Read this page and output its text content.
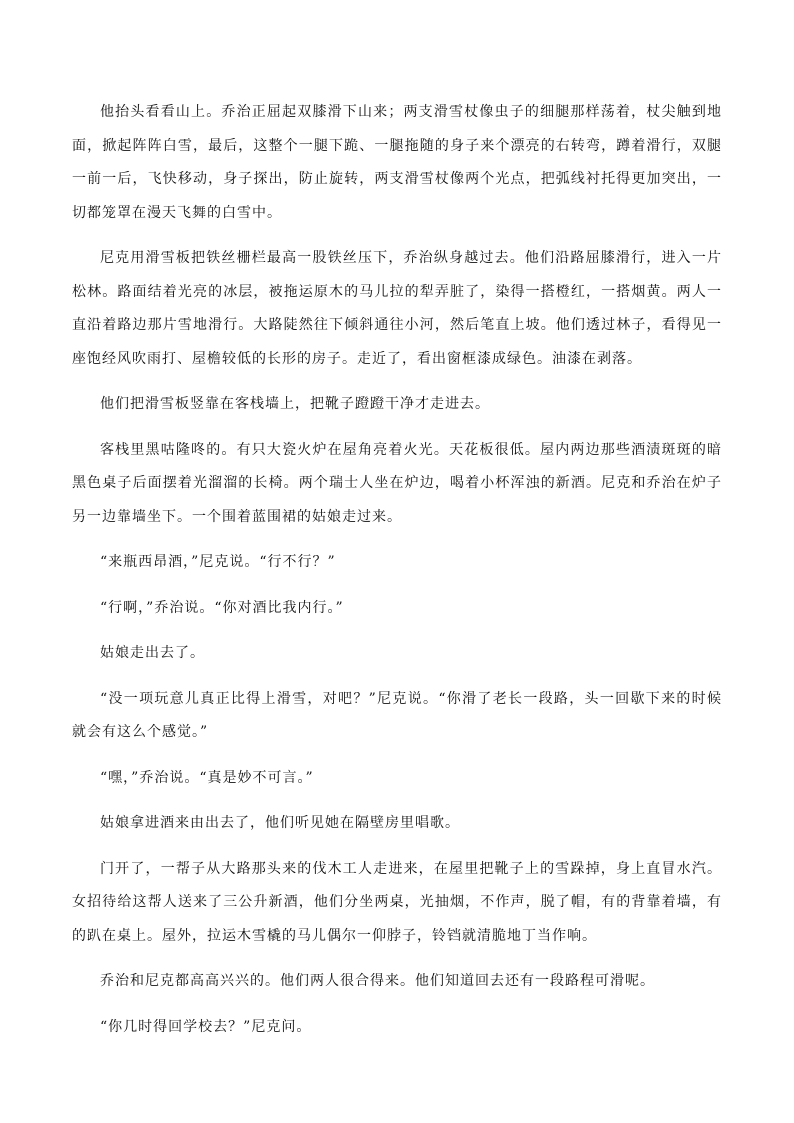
他抬头看看山上。乔治正屈起双膝滑下山来；两支滑雪杖像虫子的细腿那样荡着，杖尖触到地面，掀起阵阵白雪，最后，这整个一腿下跪、一腿拖随的身子来个漂亮的右转弯，蹲着滑行，双腿一前一后，飞快移动，身子探出，防止旋转，两支滑雪杖像两个光点，把弧线衬托得更加突出，一切都笼罩在漫天飞舞的白雪中。

尼克用滑雪板把铁丝栅栏最高一股铁丝压下，乔治纵身越过去。他们沿路屈膝滑行，进入一片松林。路面结着光亮的冰层，被拖运原木的马儿拉的犁弄脏了，染得一搭橙红，一搭烟黄。两人一直沿着路边那片雪地滑行。大路陡然往下倾斜通往小河，然后笔直上坡。他们透过林子，看得见一座饱经风吹雨打、屋檐较低的长形的房子。走近了，看出窗框漆成绿色。油漆在剥落。

他们把滑雪板竖靠在客栈墙上，把靴子蹬蹬干净才走进去。

客栈里黑咕隆咚的。有只大瓷火炉在屋角亮着火光。天花板很低。屋内两边那些酒渍斑斑的暗黑色桌子后面摆着光溜溜的长椅。两个瑞士人坐在炉边，喝着小杯浑浊的新酒。尼克和乔治在炉子另一边靠墙坐下。一个围着蓝围裙的姑娘走过来。

“来瓶西昂酒，”尼克说。“行不行？”

“行啊，”乔治说。“你对酒比我内行。”

姑娘走出去了。

“没一项玩意儿真正比得上滑雪，对吧？”尼克说。“你滑了老长一段路，头一回歇下来的时候就会有这么个感觉。”

“嘿，”乔治说。“真是妙不可言。”

姑娘拿进酒来由出去了，他们听见她在隔壁房里唱歌。

门开了，一帮子从大路那头来的伐木工人走进来，在屋里把靴子上的雪跺掉，身上直冒水汽。女招待给这帮人送来了三公升新酒，他们分坐两桌，光抽烟，不作声，脱了帽，有的背靠着墙，有的趴在桌上。屋外，拉运木雪橇的马儿偶尔一仰脖子，铃铛就清脆地丁当作响。

乔治和尼克都高高兴兴的。他们两人很合得来。他们知道回去还有一段路程可滑呢。

“你几时得回学校去？”尼克问。
